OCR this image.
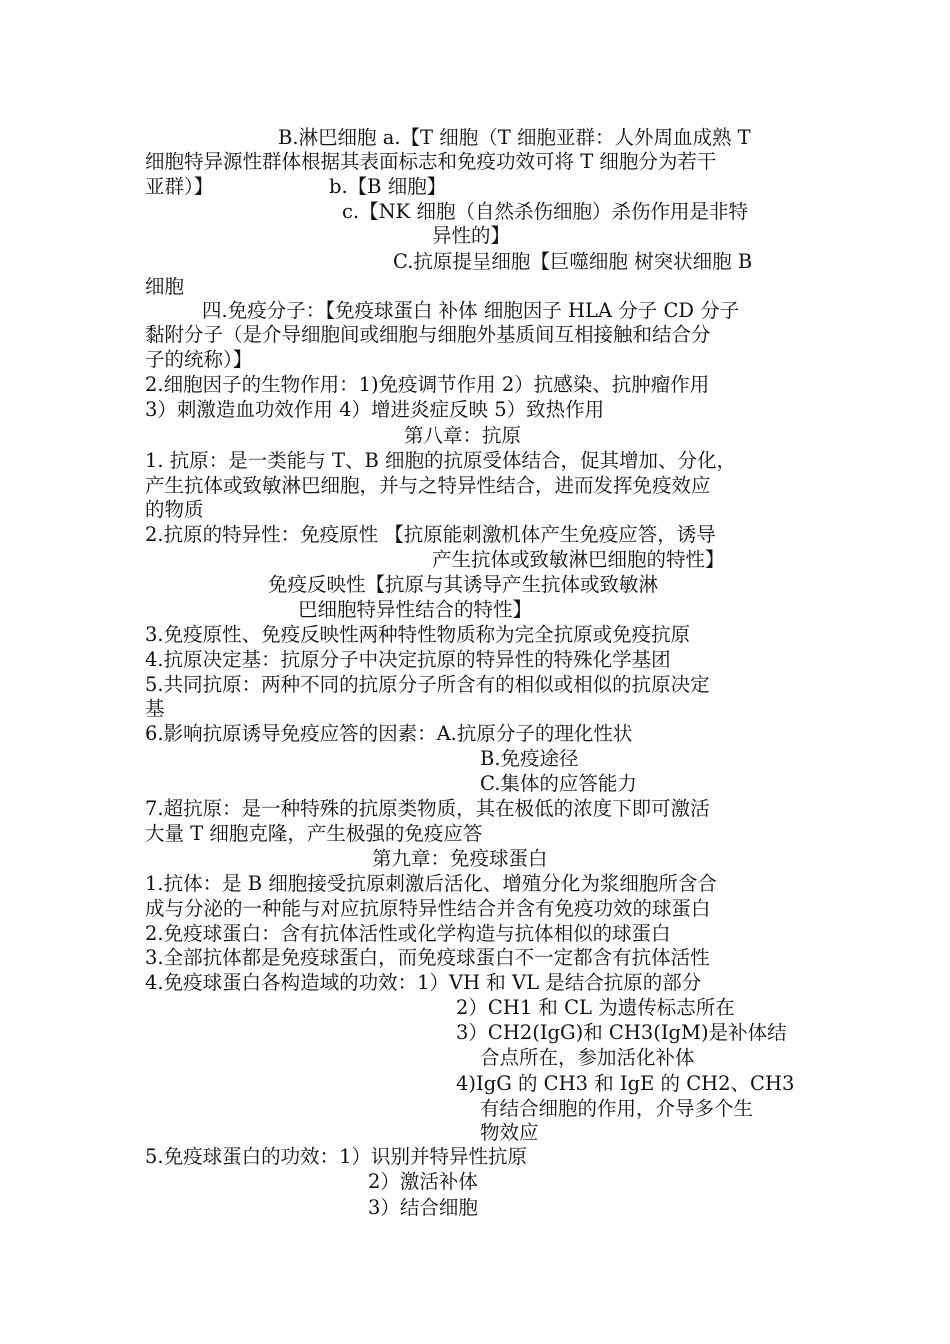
B.淋巴细胞 a.【T 细胞（T 细胞亚群：人外周血成熟 T
细胞特异源性群体根据其表面标志和免疫功效可将 T 细胞分为若干
亚群）】	b.【B 细胞】
c.【NK 细胞（自然杀伤细胞）杀伤作用是非特
异性的】
C.抗原提呈细胞【巨噬细胞 树突状细胞 B
细胞
四.免疫分子：【免疫球蛋白 补体 细胞因子 HLA 分子 CD 分子
黏附分子（是介导细胞间或细胞与细胞外基质间互相接触和结合分
子的统称）】
2.细胞因子的生物作用：1)免疫调节作用 2）抗感染、抗肿瘤作用
3）刺激造血功效作用 4）增进炎症反映 5）致热作用
第八章：抗原
1. 抗原：是一类能与 T、B 细胞的抗原受体结合，促其增加、分化，
产生抗体或致敏淋巴细胞，并与之特异性结合，进而发挥免疫效应
的物质
2.抗原的特异性：免疫原性 【抗原能刺激机体产生免疫应答，诱导
产生抗体或致敏淋巴细胞的特性】
免疫反映性【抗原与其诱导产生抗体或致敏淋
巴细胞特异性结合的特性】
3.免疫原性、免疫反映性两种特性物质称为完全抗原或免疫抗原
4.抗原决定基：抗原分子中决定抗原的特异性的特殊化学基团
5.共同抗原：两种不同的抗原分子所含有的相似或相似的抗原决定
基
6.影响抗原诱导免疫应答的因素：A.抗原分子的理化性状
B.免疫途径
C.集体的应答能力
7.超抗原：是一种特殊的抗原类物质，其在极低的浓度下即可激活
大量 T 细胞克隆，产生极强的免疫应答
第九章：免疫球蛋白
1.抗体：是 B 细胞接受抗原刺激后活化、增殖分化为浆细胞所含合
成与分泌的一种能与对应抗原特异性结合并含有免疫功效的球蛋白
2.免疫球蛋白：含有抗体活性或化学构造与抗体相似的球蛋白
3.全部抗体都是免疫球蛋白，而免疫球蛋白不一定都含有抗体活性
4.免疫球蛋白各构造域的功效：1）VH 和 VL 是结合抗原的部分
2）CH1 和 CL 为遗传标志所在
3）CH2(IgG)和 CH3(IgM)是补体结
合点所在，参加活化补体
4)IgG 的 CH3 和 IgE 的 CH2、CH3
有结合细胞的作用，介导多个生
物效应
5.免疫球蛋白的功效：1）识别并特异性抗原
2）激活补体
3）结合细胞
